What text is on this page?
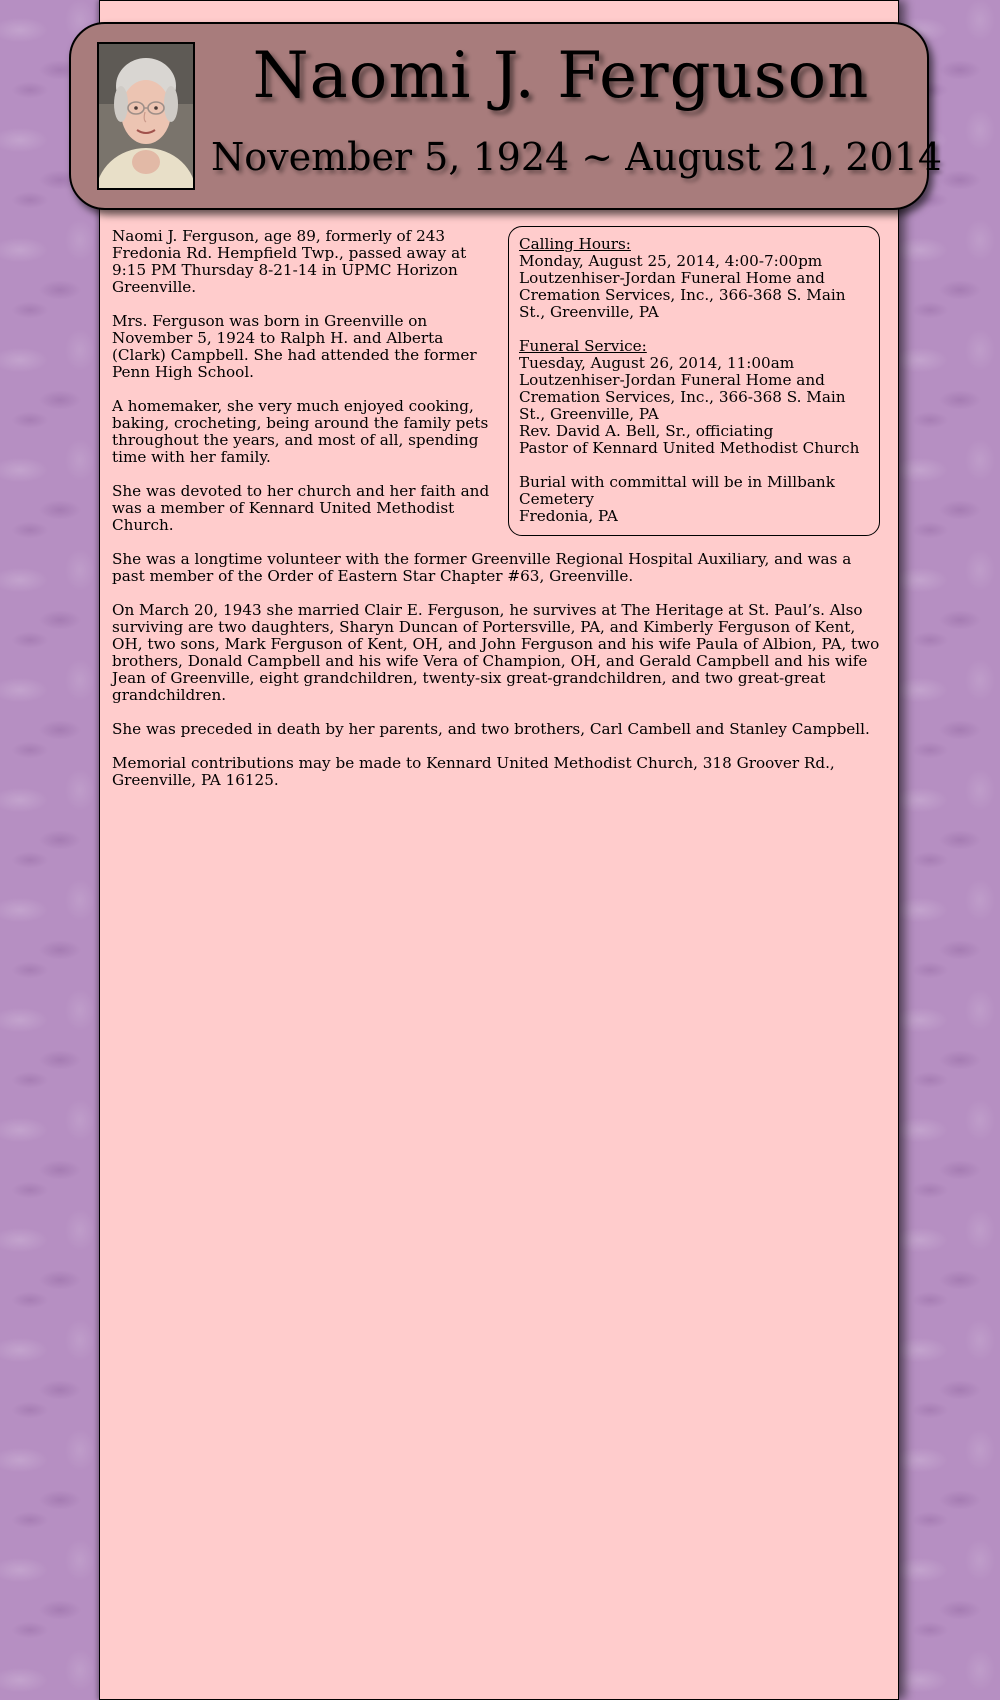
Naomi J. Ferguson
November 5, 1924 ~ August 21, 2014
Calling Hours:
Monday, August 25, 2014, 4:00-7:00pm
Loutzenhiser-Jordan Funeral Home and Cremation Services, Inc., 366-368 S. Main St., Greenville, PA
Funeral Service:
Tuesday, August 26, 2014, 11:00am
Loutzenhiser-Jordan Funeral Home and Cremation Services, Inc., 366-368 S. Main St., Greenville, PA
Rev. David A. Bell, Sr., officiating
Pastor of Kennard United Methodist Church
Burial with committal will be in Millbank Cemetery
Fredonia, PA

Naomi J. Ferguson, age 89, formerly of 243 Fredonia Rd. Hempfield Twp., passed away at 9:15 PM Thursday 8-21-14 in UPMC Horizon Greenville.

Mrs. Ferguson was born in Greenville on November 5, 1924 to Ralph H. and Alberta (Clark) Campbell. She had attended the former Penn High School.

A homemaker, she very much enjoyed cooking, baking, crocheting, being around the family pets throughout the years, and most of all, spending time with her family.

She was devoted to her church and her faith and was a member of Kennard United Methodist Church.

She was a longtime volunteer with the former Greenville Regional Hospital Auxiliary, and was a past member of the Order of Eastern Star Chapter #63, Greenville.

On March 20, 1943 she married Clair E. Ferguson, he survives at The Heritage at St. Paul’s. Also surviving are two daughters, Sharyn Duncan of Portersville, PA, and Kimberly Ferguson of Kent, OH, two sons, Mark Ferguson of Kent, OH, and John Ferguson and his wife Paula of Albion, PA, two brothers, Donald Campbell and his wife Vera of Champion, OH, and Gerald Campbell and his wife Jean of Greenville, eight grandchildren, twenty-six great-grandchildren, and two great-great grandchildren.

She was preceded in death by her parents, and two brothers, Carl Cambell and Stanley Campbell.

Memorial contributions may be made to Kennard United Methodist Church, 318 Groover Rd., Greenville, PA 16125.
